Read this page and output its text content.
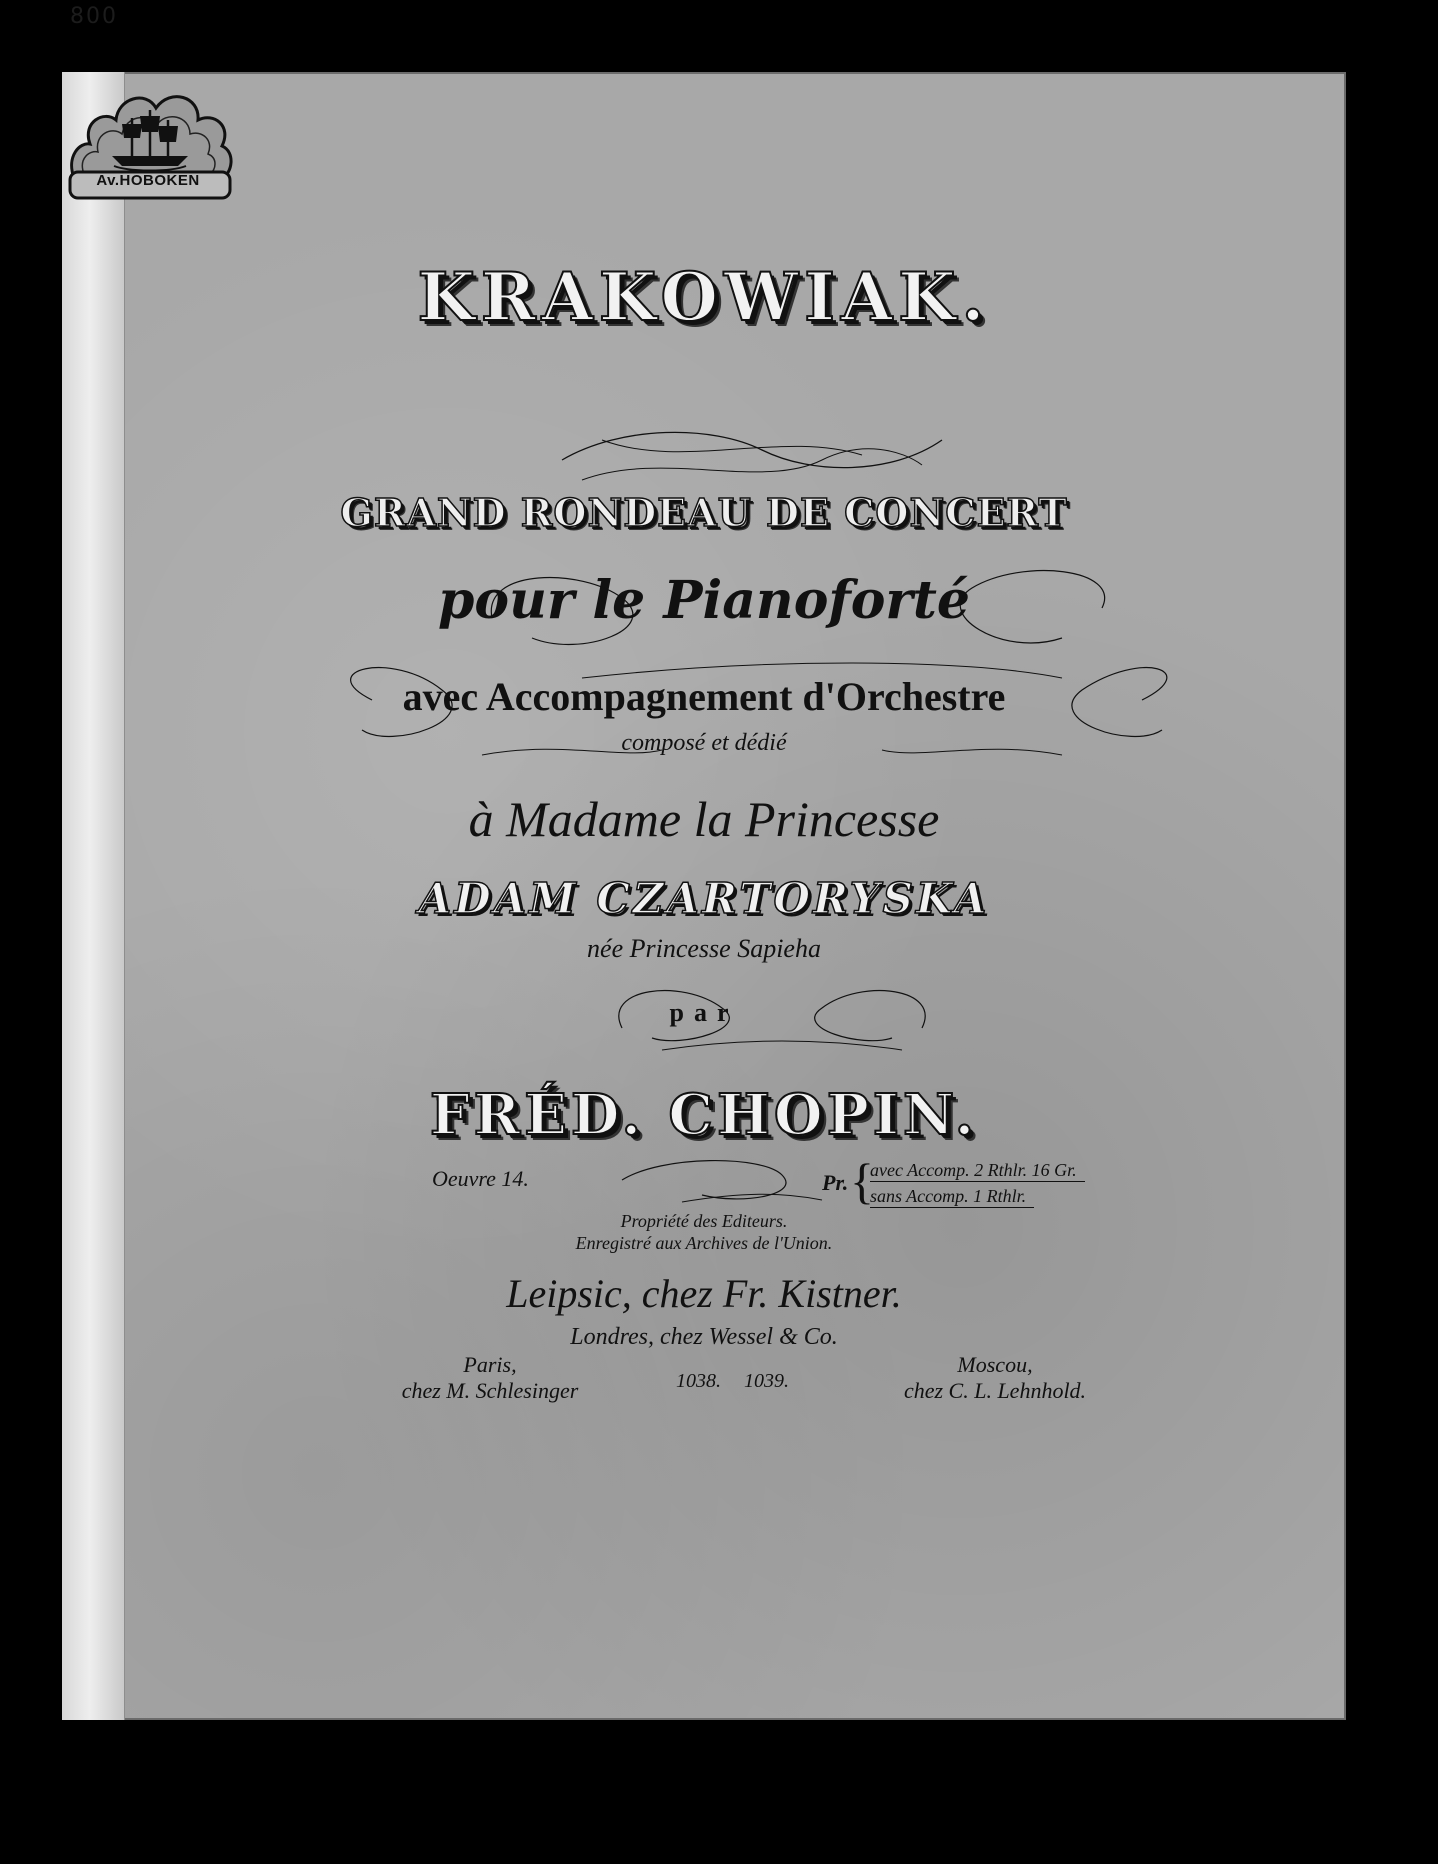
800
Av.HOBOKEN
KRAKOWIAK.
GRAND RONDEAU DE CONCERT
pour le Pianoforté
avec Accompagnement d'Orchestre
composé et dédié
à Madame la Princesse
ADAM CZARTORYSKA
née Princesse Sapieha
par
FRÉD. CHOPIN.
Oeuvre 14.	Pr. {
avec Accomp. 2 Rthlr. 16 Gr.
sans Accomp. 1 Rthlr.
Propriété des Editeurs.
Enregistré aux Archives de l'Union.
Leipsic, chez Fr. Kistner.
Londres, chez Wessel & Co.
Paris,
chez M. Schlesinger	1038. 1039.
Moscou,
chez C. L. Lehnhold.
